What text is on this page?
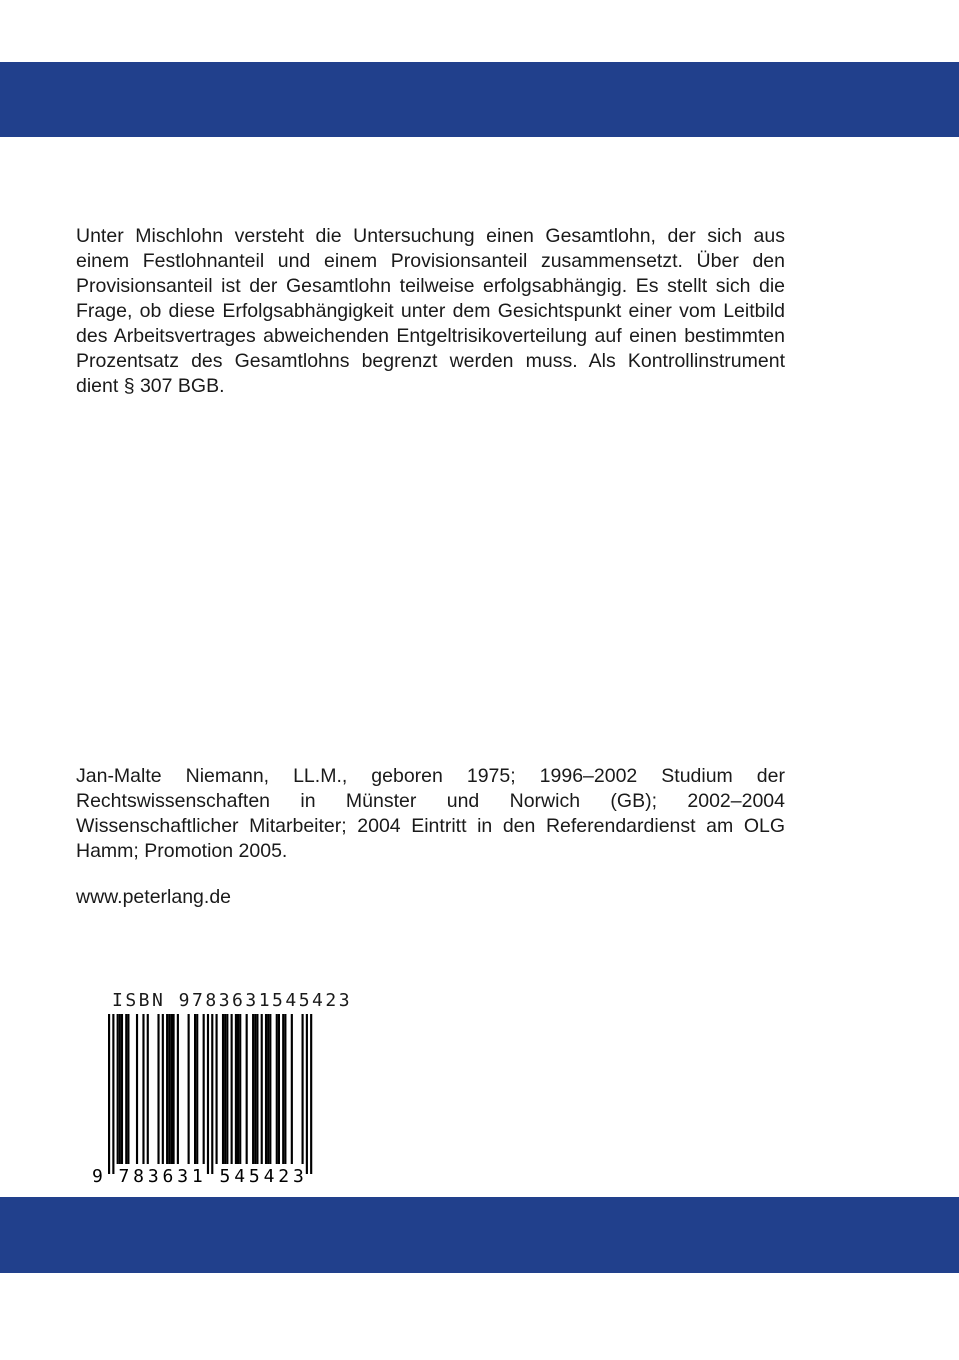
Unter Mischlohn versteht die Untersuchung einen Gesamtlohn, der sich aus einem Festlohnanteil und einem Provisionsanteil zusammensetzt. Über den Provisionsanteil ist der Gesamtlohn teilweise erfolgsabhängig. Es stellt sich die Frage, ob diese Erfolgsabhängigkeit unter dem Gesichtspunkt einer vom Leitbild des Arbeitsvertrages abweichenden Entgeltrisikoverteilung auf einen bestimmten Prozentsatz des Gesamtlohns begrenzt werden muss. Als Kontrollinstrument dient § 307 BGB.

Jan-Malte Niemann, LL.M., geboren 1975; 1996–2002 Studium der Rechtswissenschaften in Münster und Norwich (GB); 2002–2004 Wissenschaftlicher Mitarbeiter; 2004 Eintritt in den Referendardienst am OLG Hamm; Promotion 2005.

www.peterlang.de

ISBN 9783631545423

9 783631 545423
